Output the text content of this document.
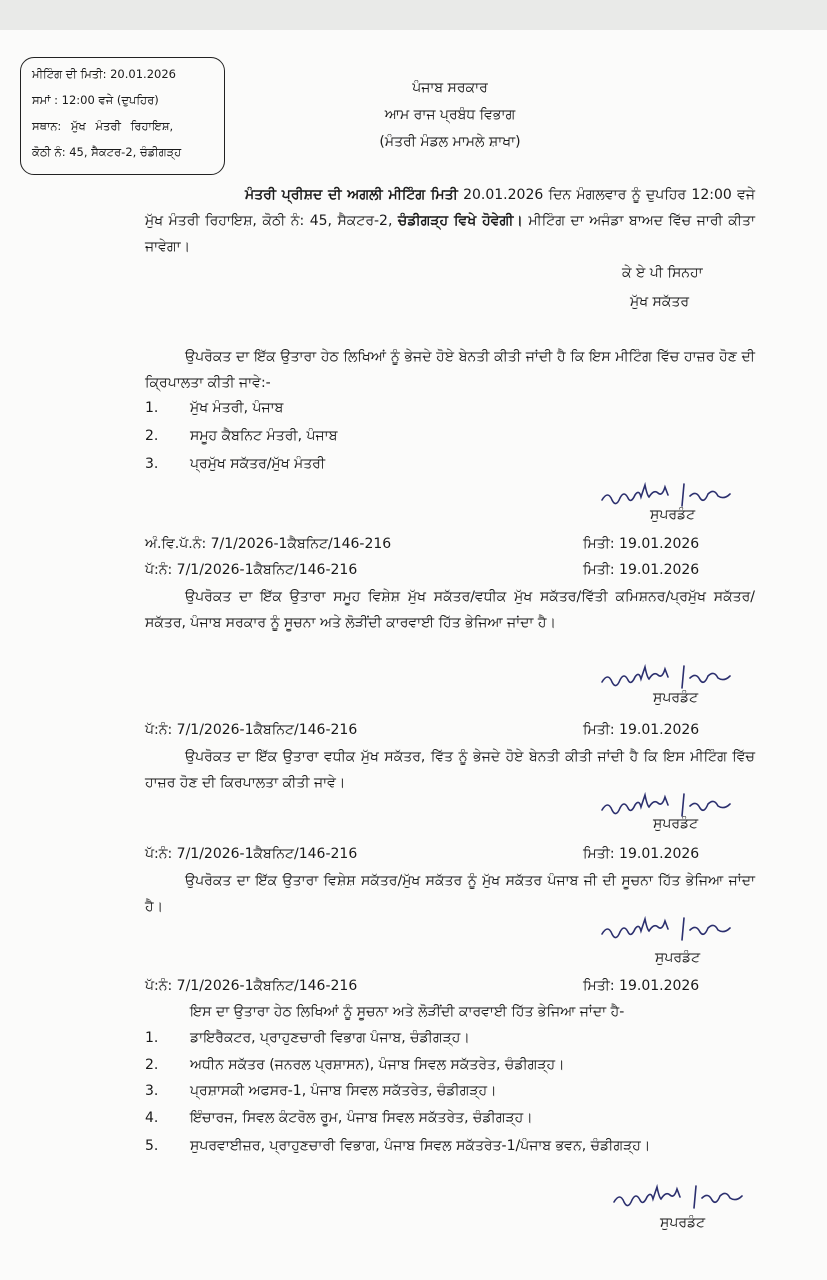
ਮੀਟਿੰਗ ਦੀ ਮਿਤੀ: 20.01.2026
ਸਮਾਂ : 12:00 ਵਜੇ (ਦੁਪਹਿਰ)
ਸਥਾਨ: ਮੁੱਖ ਮੰਤਰੀ ਰਿਹਾਇਸ਼,
ਕੋਠੀ ਨੰ: 45, ਸੈਕਟਰ-2, ਚੰਡੀਗੜ੍ਹ
ਪੰਜਾਬ ਸਰਕਾਰ
ਆਮ ਰਾਜ ਪ੍ਰਬੰਧ ਵਿਭਾਗ
(ਮੰਤਰੀ ਮੰਡਲ ਮਾਮਲੇ ਸ਼ਾਖਾ)
ਮੰਤਰੀ ਪ੍ਰੀਸ਼ਦ ਦੀ ਅਗਲੀ ਮੀਟਿੰਗ ਮਿਤੀ 20.01.2026 ਦਿਨ ਮੰਗਲਵਾਰ ਨੂੰ ਦੁਪਹਿਰ 12:00 ਵਜੇ ਮੁੱਖ ਮੰਤਰੀ ਰਿਹਾਇਸ਼, ਕੋਠੀ ਨੰ: 45, ਸੈਕਟਰ-2, ਚੰਡੀਗੜ੍ਹ ਵਿਖੇ ਹੋਵੇਗੀ। ਮੀਟਿੰਗ ਦਾ ਅਜੰਡਾ ਬਾਅਦ ਵਿੱਚ ਜਾਰੀ ਕੀਤਾ ਜਾਵੇਗਾ।
ਕੇ ਏ ਪੀ ਸਿਨਹਾ
ਮੁੱਖ ਸਕੱਤਰ
ਉਪਰੋਕਤ ਦਾ ਇੱਕ ਉਤਾਰਾ ਹੇਠ ਲਿਖਿਆਂ ਨੂੰ ਭੇਜਦੇ ਹੋਏ ਬੇਨਤੀ ਕੀਤੀ ਜਾਂਦੀ ਹੈ ਕਿ ਇਸ ਮੀਟਿੰਗ ਵਿੱਚ ਹਾਜ਼ਰ ਹੋਣ ਦੀ ਕ੍ਰਿਪਾਲਤਾ ਕੀਤੀ ਜਾਵੇ:-
1. ਮੁੱਖ ਮੰਤਰੀ, ਪੰਜਾਬ
2. ਸਮੂਹ ਕੈਬਨਿਟ ਮੰਤਰੀ, ਪੰਜਾਬ
3. ਪ੍ਰਮੁੱਖ ਸਕੱਤਰ/ਮੁੱਖ ਮੰਤਰੀ
ਸੁਪਰਡੰਟ
ਅੰ.ਵਿ.ਪੱ.ਨੰ: 7/1/2026-1ਕੈਬਨਿਟ/146-216	ਮਿਤੀ: 19.01.2026
ਪੱ:ਨੰ: 7/1/2026-1ਕੈਬਨਿਟ/146-216	ਮਿਤੀ: 19.01.2026
ਉਪਰੋਕਤ ਦਾ ਇੱਕ ਉਤਾਰਾ ਸਮੂਹ ਵਿਸ਼ੇਸ਼ ਮੁੱਖ ਸਕੱਤਰ/ਵਧੀਕ ਮੁੱਖ ਸਕੱਤਰ/ਵਿੱਤੀ ਕਮਿਸ਼ਨਰ/ਪ੍ਰਮੁੱਖ ਸਕੱਤਰ/ਸਕੱਤਰ, ਪੰਜਾਬ ਸਰਕਾਰ ਨੂੰ ਸੂਚਨਾ ਅਤੇ ਲੋੜੀਂਦੀ ਕਾਰਵਾਈ ਹਿੱਤ ਭੇਜਿਆ ਜਾਂਦਾ ਹੈ।
ਸੁਪਰਡੰਟ
ਪੱ:ਨੰ: 7/1/2026-1ਕੈਬਨਿਟ/146-216	ਮਿਤੀ: 19.01.2026
ਉਪਰੋਕਤ ਦਾ ਇੱਕ ਉਤਾਰਾ ਵਧੀਕ ਮੁੱਖ ਸਕੱਤਰ, ਵਿੱਤ ਨੂੰ ਭੇਜਦੇ ਹੋਏ ਬੇਨਤੀ ਕੀਤੀ ਜਾਂਦੀ ਹੈ ਕਿ ਇਸ ਮੀਟਿੰਗ ਵਿੱਚ ਹਾਜ਼ਰ ਹੋਣ ਦੀ ਕਿਰਪਾਲਤਾ ਕੀਤੀ ਜਾਵੇ।
ਸੁਪਰਡੰਟ
ਪੱ:ਨੰ: 7/1/2026-1ਕੈਬਨਿਟ/146-216	ਮਿਤੀ: 19.01.2026
ਉਪਰੋਕਤ ਦਾ ਇੱਕ ਉਤਾਰਾ ਵਿਸ਼ੇਸ਼ ਸਕੱਤਰ/ਮੁੱਖ ਸਕੱਤਰ ਨੂੰ ਮੁੱਖ ਸਕੱਤਰ ਪੰਜਾਬ ਜੀ ਦੀ ਸੂਚਨਾ ਹਿੱਤ ਭੇਜਿਆ ਜਾਂਦਾ ਹੈ।
ਸੁਪਰਡੰਟ
ਪੱ:ਨੰ: 7/1/2026-1ਕੈਬਨਿਟ/146-216	ਮਿਤੀ: 19.01.2026
ਇਸ ਦਾ ਉਤਾਰਾ ਹੇਠ ਲਿਖਿਆਂ ਨੂੰ ਸੂਚਨਾ ਅਤੇ ਲੋੜੀਂਦੀ ਕਾਰਵਾਈ ਹਿੱਤ ਭੇਜਿਆ ਜਾਂਦਾ ਹੈ-
1. ਡਾਇਰੈਕਟਰ, ਪ੍ਰਾਹੁਣਚਾਰੀ ਵਿਭਾਗ ਪੰਜਾਬ, ਚੰਡੀਗੜ੍ਹ।
2. ਅਧੀਨ ਸਕੱਤਰ (ਜਨਰਲ ਪ੍ਰਸ਼ਾਸਨ), ਪੰਜਾਬ ਸਿਵਲ ਸਕੱਤਰੇਤ, ਚੰਡੀਗੜ੍ਹ।
3. ਪ੍ਰਸ਼ਾਸਕੀ ਅਫਸਰ-1, ਪੰਜਾਬ ਸਿਵਲ ਸਕੱਤਰੇਤ, ਚੰਡੀਗੜ੍ਹ।
4. ਇੰਚਾਰਜ, ਸਿਵਲ ਕੰਟਰੋਲ ਰੂਮ, ਪੰਜਾਬ ਸਿਵਲ ਸਕੱਤਰੇਤ, ਚੰਡੀਗੜ੍ਹ।
5. ਸੁਪਰਵਾਈਜ਼ਰ, ਪ੍ਰਾਹੁਣਚਾਰੀ ਵਿਭਾਗ, ਪੰਜਾਬ ਸਿਵਲ ਸਕੱਤਰੇਤ-1/ਪੰਜਾਬ ਭਵਨ, ਚੰਡੀਗੜ੍ਹ।
ਸੁਪਰਡੰਟ
